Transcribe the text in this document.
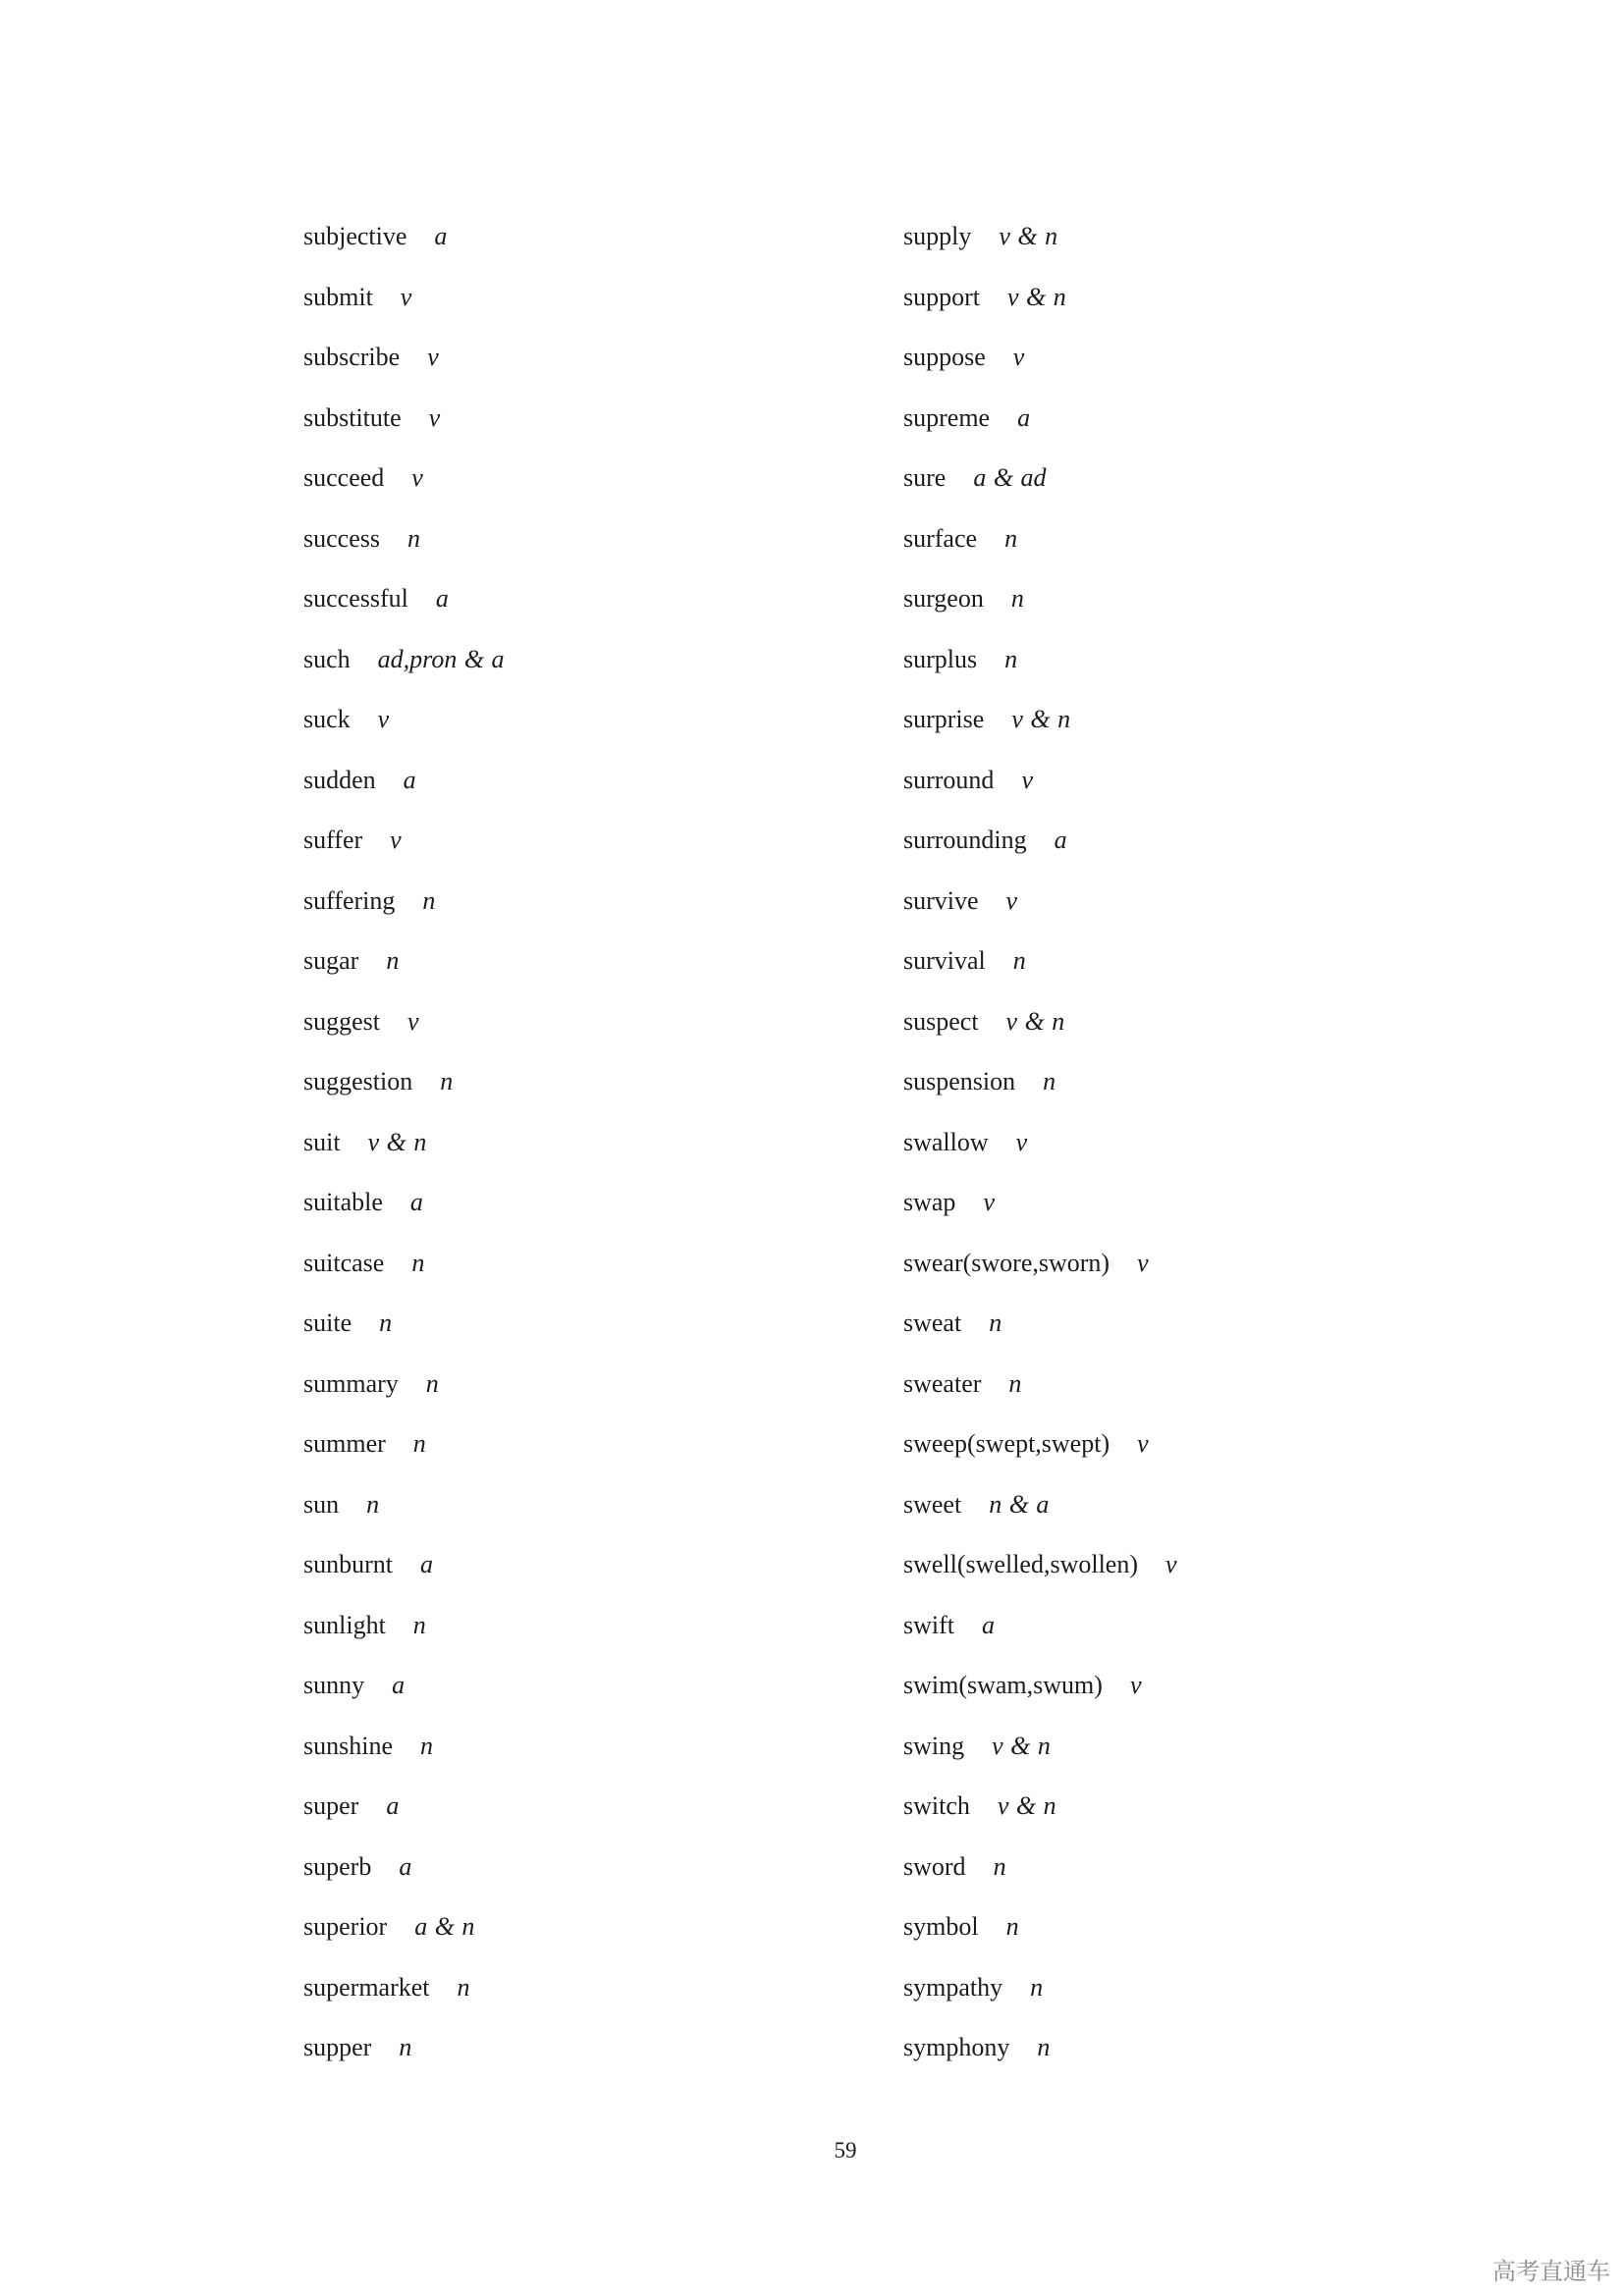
subjective a
submit v
subscribe v
substitute v
succeed v
success n
successful a
such ad,pron & a
suck v
sudden a
suffer v
suffering n
sugar n
suggest v
suggestion n
suit v & n
suitable a
suitcase n
suite n
summary n
summer n
sun n
sunburnt a
sunlight n
sunny a
sunshine n
super a
superb a
superior a & n
supermarket n
supper n
supply v & n
support v & n
suppose v
supreme a
sure a & ad
surface n
surgeon n
surplus n
surprise v & n
surround v
surrounding a
survive v
survival n
suspect v & n
suspension n
swallow v
swap v
swear(swore,sworn) v
sweat n
sweater n
sweep(swept,swept) v
sweet n & a
swell(swelled,swollen) v
swift a
swim(swam,swum) v
swing v & n
switch v & n
sword n
symbol n
sympathy n
symphony n
59
高考直通车
